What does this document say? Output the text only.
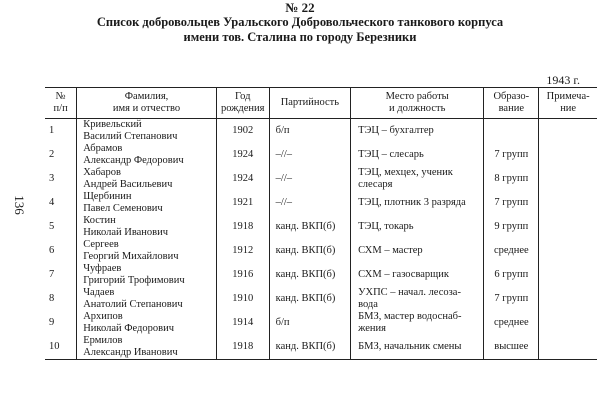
№ 22
Список добровольцев Уральского Добровольческого танкового корпуса
имени тов. Сталина по городу Березники
1943 г.
136
№
п/п	Фамилия,
имя и отчество	Год
рождения	Партийность	Место работы
и должность	Образо-
вание	Примеча-
ние

1	Кривельский
Василий Степанович	1902	б/п	ТЭЦ – бухгалтер		

2	Абрамов
Александр Федорович	1924	–//–	ТЭЦ – слесарь	7 групп	
3	Хабаров
Андрей Васильевич	1924	–//–	ТЭЦ, мехцех, ученик
слесаря	8 групп	
4	Щербинин
Павел Семенович	1921	–//–	ТЭЦ, плотник 3 разряда	7 групп	
5	Костин
Николай Иванович	1918	канд. ВКП(б)	ТЭЦ, токарь	9 групп	
6	Сергеев
Георгий Михайлович	1912	канд. ВКП(б)	СХМ – мастер	среднее	
7	Чуфраев
Григорий Трофимович	1916	канд. ВКП(б)	СХМ – газосварщик	6 групп	
8	Чадаев
Анатолий Степанович	1910	канд. ВКП(б)	УХПС – начал. лесоза-
вода	7 групп	
9	Архипов
Николай Федорович	1914	б/п	БМЗ, мастер водоснаб-
жения	среднее	
10	Ермилов
Александр Иванович	1918	канд. ВКП(б)	БМЗ, начальник смены	высшее	
